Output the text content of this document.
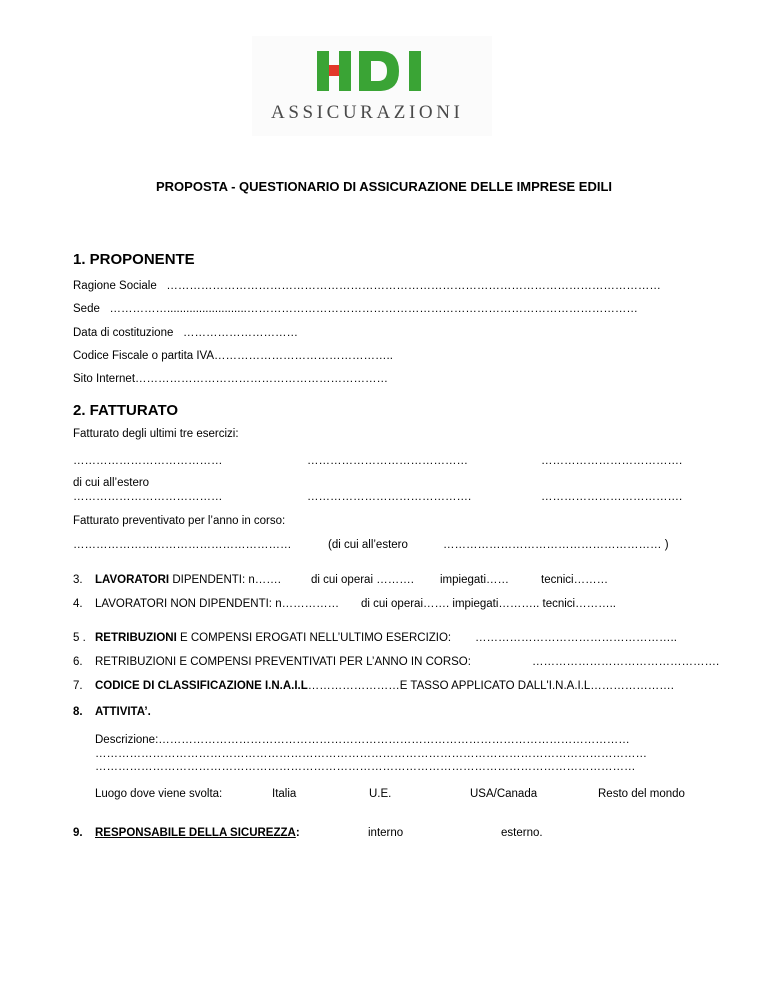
ASSICURAZIONI
PROPOSTA - QUESTIONARIO DI ASSICURAZIONE DELLE IMPRESE EDILI
1. PROPONENTE
Ragione Sociale …………………………………………………………………………………………………………………
Sede …………….........................…………………………………………………………………………………………
Data di costituzione …………………………
Codice Fiscale o partita IVA………………………………………..
Sito Internet…………………………………………………………
2. FATTURATO
Fatturato degli ultimi tre esercizi:
…………………………………	……………………………………	……………………………….
di cui all’estero
…………………………………	…………………………………….	……………………………….
Fatturato preventivato per l’anno in corso:
…………………………………………………	(di cui all’estero	………………………………………………… )
3. LAVORATORI DIPENDENTI: n…….	di cui operai ………. impiegati……	tecnici………
4. LAVORATORI NON DIPENDENTI: n…………… di cui operai……. impiegati……….. tecnici………..
5 . RETRIBUZIONI E COMPENSI EROGATI NELL’ULTIMO ESERCIZIO: ……………………………………………..
6. RETRIBUZIONI E COMPENSI PREVENTIVATI PER L’ANNO IN CORSO:	………………………………………….
7. CODICE DI CLASSIFICAZIONE I.N.A.I.L……………………E TASSO APPLICATO DALL'I.N.A.I.L………………….
8. ATTIVITA’.
Descrizione:……………………………………………………………………………………………………………
………………………………………………………………………………………………………………………………
……………………………………………………………………………………………………………………………
Luogo dove viene svolta:	Italia	U.E.	USA/Canada	Resto del mondo
9. RESPONSABILE DELLA SICUREZZA:	interno	esterno.
